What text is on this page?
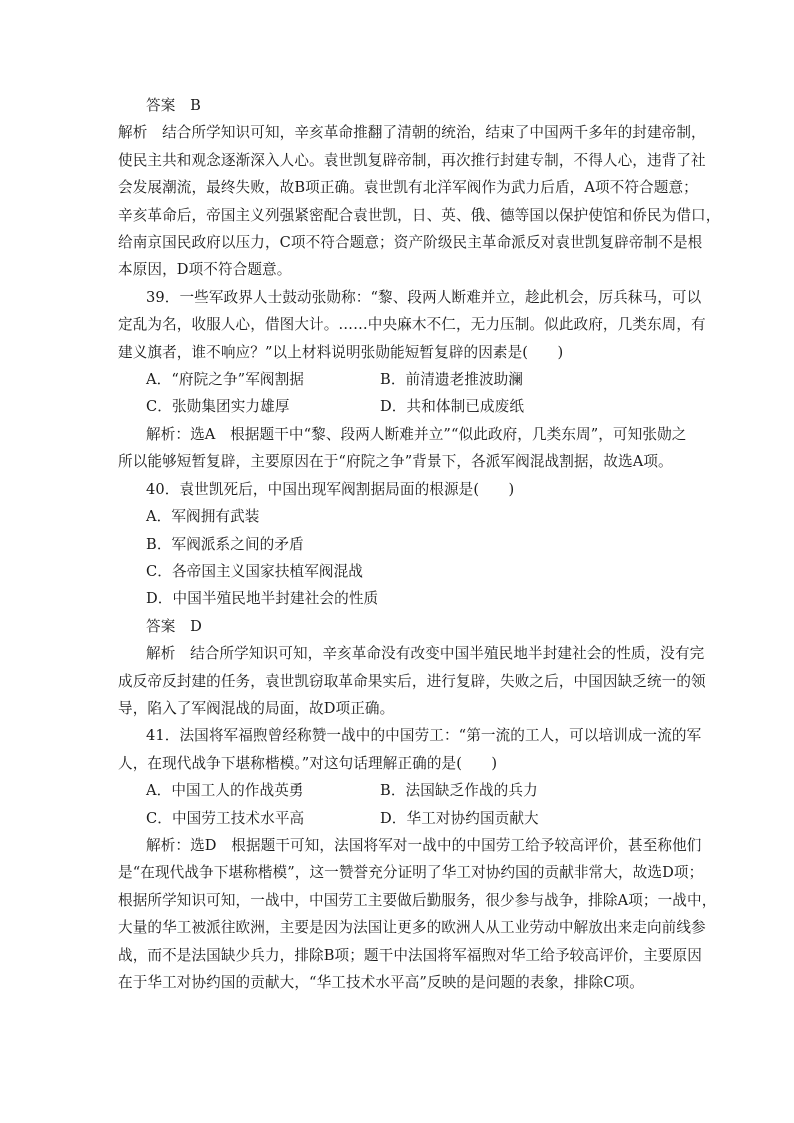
答案　B
解析　结合所学知识可知，辛亥革命推翻了清朝的统治，结束了中国两千多年的封建帝制，
使民主共和观念逐渐深入人心。袁世凯复辟帝制，再次推行封建专制，不得人心，违背了社
会发展潮流，最终失败，故B项正确。袁世凯有北洋军阀作为武力后盾，A项不符合题意；
辛亥革命后，帝国主义列强紧密配合袁世凯，日、英、俄、德等国以保护使馆和侨民为借口，
给南京国民政府以压力，C项不符合题意；资产阶级民主革命派反对袁世凯复辟帝制不是根
本原因，D项不符合题意。
39．一些军政界人士鼓动张勋称：“黎、段两人断难并立，趁此机会，厉兵秣马，可以
定乱为名，收服人心，借图大计。……中央麻木不仁，无力压制。似此政府，几类东周，有
建义旗者，谁不响应？”以上材料说明张勋能短暂复辟的因素是(　　)
A．“府院之争”军阀割据	B．前清遗老推波助澜
C．张勋集团实力雄厚	D．共和体制已成废纸
解析：选A　根据题干中“黎、段两人断难并立”“似此政府，几类东周”，可知张勋之
所以能够短暂复辟，主要原因在于“府院之争”背景下，各派军阀混战割据，故选A项。
40．袁世凯死后，中国出现军阀割据局面的根源是(　　)
A．军阀拥有武装
B．军阀派系之间的矛盾
C．各帝国主义国家扶植军阀混战
D．中国半殖民地半封建社会的性质
答案　D
解析　结合所学知识可知，辛亥革命没有改变中国半殖民地半封建社会的性质，没有完
成反帝反封建的任务，袁世凯窃取革命果实后，进行复辟，失败之后，中国因缺乏统一的领
导，陷入了军阀混战的局面，故D项正确。
41．法国将军福煦曾经称赞一战中的中国劳工：“第一流的工人，可以培训成一流的军
人，在现代战争下堪称楷模。”对这句话理解正确的是(　　)
A．中国工人的作战英勇	B．法国缺乏作战的兵力
C．中国劳工技术水平高	D．华工对协约国贡献大
解析：选D　根据题干可知，法国将军对一战中的中国劳工给予较高评价，甚至称他们
是“在现代战争下堪称楷模”，这一赞誉充分证明了华工对协约国的贡献非常大，故选D项；
根据所学知识可知，一战中，中国劳工主要做后勤服务，很少参与战争，排除A项；一战中，
大量的华工被派往欧洲，主要是因为法国让更多的欧洲人从工业劳动中解放出来走向前线参
战，而不是法国缺少兵力，排除B项；题干中法国将军福煦对华工给予较高评价，主要原因
在于华工对协约国的贡献大，“华工技术水平高”反映的是问题的表象，排除C项。
